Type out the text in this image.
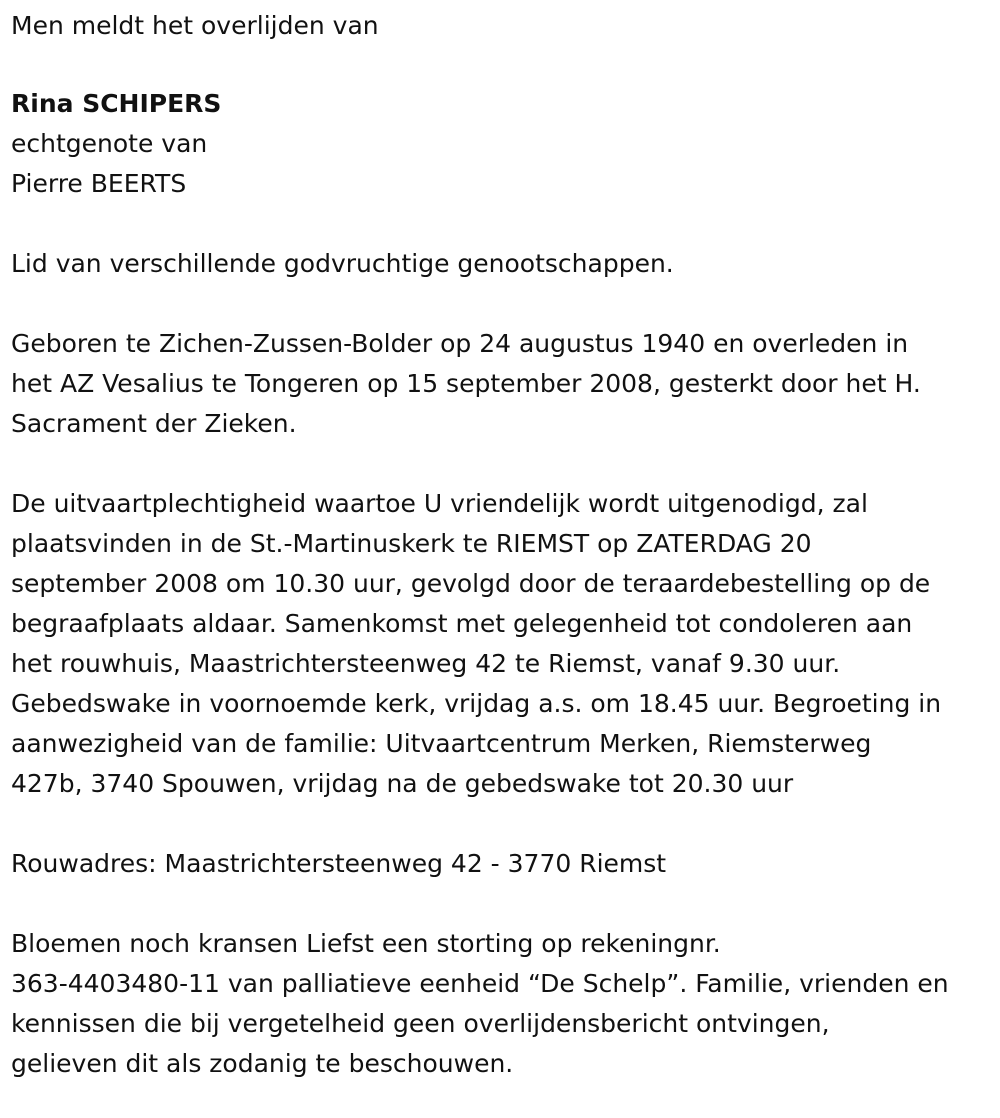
Men meldt het overlijden van
Rina SCHIPERS
echtgenote van
Pierre BEERTS
Lid van verschillende godvruchtige genootschappen.
Geboren te Zichen-Zussen-Bolder op 24 augustus 1940 en overleden in
het AZ Vesalius te Tongeren op 15 september 2008, gesterkt door het H.
Sacrament der Zieken.
De uitvaartplechtigheid waartoe U vriendelijk wordt uitgenodigd, zal
plaatsvinden in de St.-Martinuskerk te RIEMST op ZATERDAG 20
september 2008 om 10.30 uur, gevolgd door de teraardebestelling op de
begraafplaats aldaar. Samenkomst met gelegenheid tot condoleren aan
het rouwhuis, Maastrichtersteenweg 42 te Riemst, vanaf 9.30 uur.
Gebedswake in voornoemde kerk, vrijdag a.s. om 18.45 uur. Begroeting in
aanwezigheid van de familie: Uitvaartcentrum Merken, Riemsterweg
427b, 3740 Spouwen, vrijdag na de gebedswake tot 20.30 uur
Rouwadres: Maastrichtersteenweg 42 - 3770 Riemst
Bloemen noch kransen Liefst een storting op rekeningnr.
363-4403480-11 van palliatieve eenheid “De Schelp”. Familie, vrienden en
kennissen die bij vergetelheid geen overlijdensbericht ontvingen,
gelieven dit als zodanig te beschouwen.
